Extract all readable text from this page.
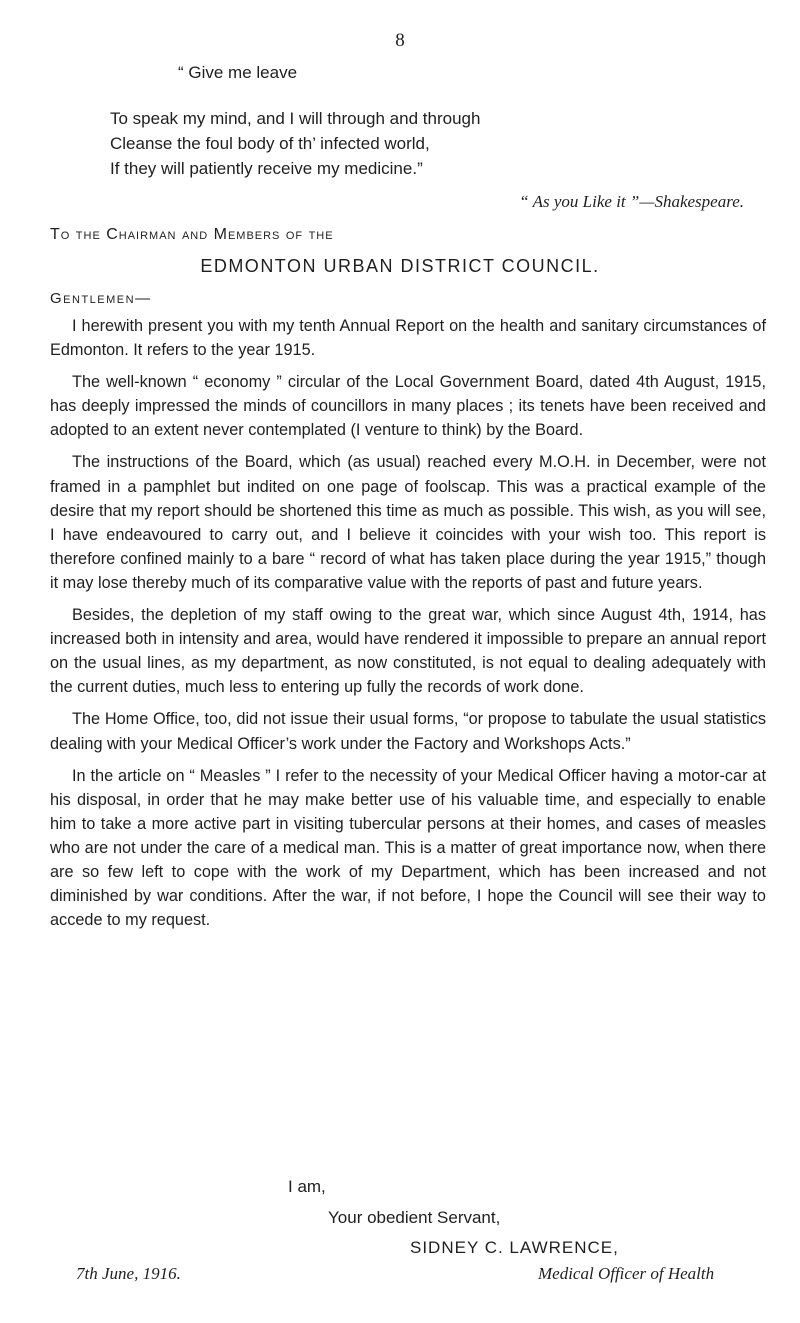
8
“ Give me leave
To speak my mind, and I will through and through
Cleanse the foul body of th’ infected world,
If they will patiently receive my medicine.”
“ As you Like it ”—Shakespeare.
To the Chairman and Members of the
EDMONTON URBAN DISTRICT COUNCIL.
Gentlemen—

I herewith present you with my tenth Annual Report on the health and sanitary circumstances of Edmonton. It refers to the year 1915.

The well-known “ economy ” circular of the Local Government Board, dated 4th August, 1915, has deeply impressed the minds of councillors in many places ; its tenets have been received and adopted to an extent never contemplated (I venture to think) by the Board.

The instructions of the Board, which (as usual) reached every M.O.H. in December, were not framed in a pamphlet but indited on one page of foolscap. This was a practical example of the desire that my report should be shortened this time as much as possible. This wish, as you will see, I have endeavoured to carry out, and I believe it coincides with your wish too. This report is therefore confined mainly to a bare “ record of what has taken place during the year 1915,” though it may lose thereby much of its comparative value with the reports of past and future years.

Besides, the depletion of my staff owing to the great war, which since August 4th, 1914, has increased both in intensity and area, would have rendered it impossible to prepare an annual report on the usual lines, as my department, as now constituted, is not equal to dealing adequately with the current duties, much less to entering up fully the records of work done.

The Home Office, too, did not issue their usual forms, “or propose to tabulate the usual statistics dealing with your Medical Officer’s work under the Factory and Workshops Acts.”

In the article on “ Measles ” I refer to the necessity of your Medical Officer having a motor-car at his disposal, in order that he may make better use of his valuable time, and especially to enable him to take a more active part in visiting tubercular persons at their homes, and cases of measles who are not under the care of a medical man. This is a matter of great importance now, when there are so few left to cope with the work of my Department, which has been increased and not diminished by war conditions. After the war, if not before, I hope the Council will see their way to accede to my request.

I am,
Your obedient Servant,
SIDNEY C. LAWRENCE,
7th June, 1916.	Medical Officer of Health
